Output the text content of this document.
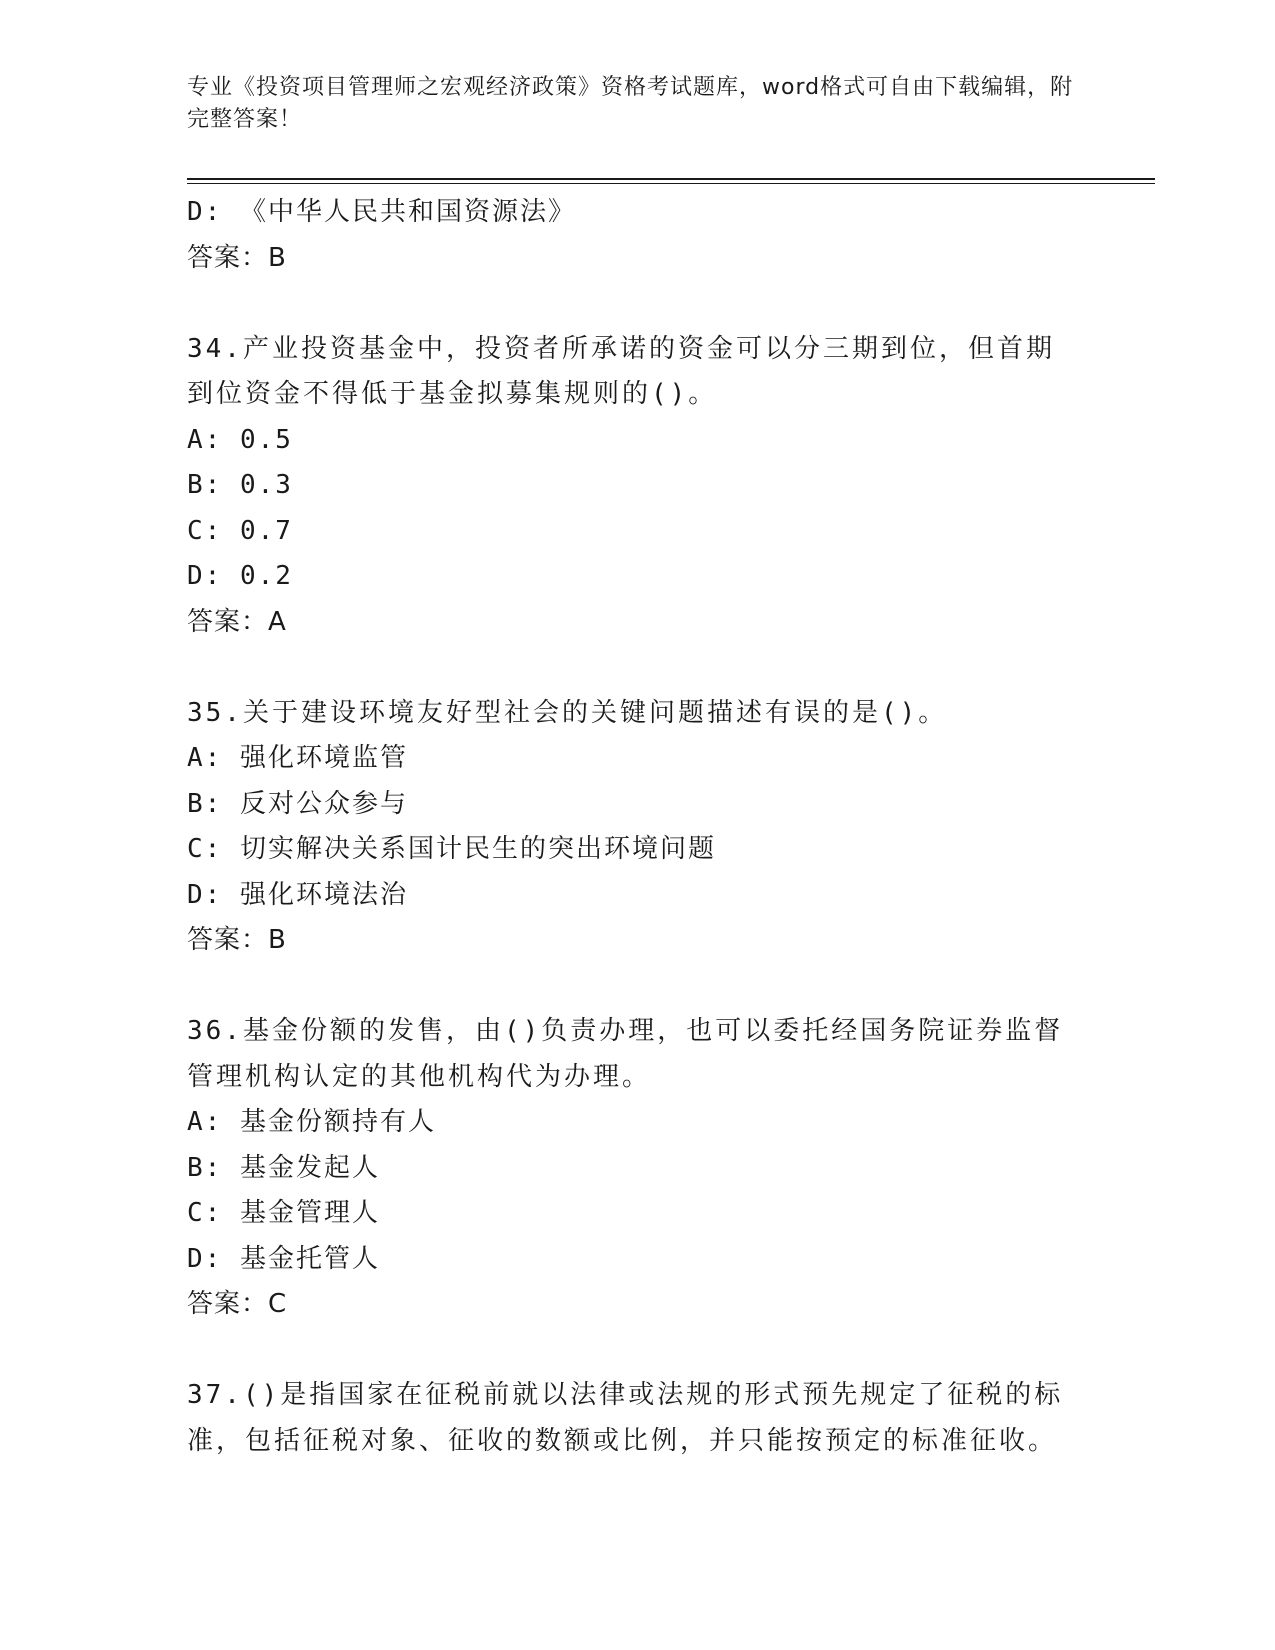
专业《投资项目管理师之宏观经济政策》资格考试题库，word格式可自由下载编辑，附完整答案！
D: 《中华人民共和国资源法》
答案：B
34.产业投资基金中，投资者所承诺的资金可以分三期到位，但首期到位资金不得低于基金拟募集规则的()。
A: 0.5
B: 0.3
C: 0.7
D: 0.2
答案：A
35.关于建设环境友好型社会的关键问题描述有误的是()。
A: 强化环境监管
B: 反对公众参与
C: 切实解决关系国计民生的突出环境问题
D: 强化环境法治
答案：B
36.基金份额的发售，由()负责办理，也可以委托经国务院证券监督管理机构认定的其他机构代为办理。
A: 基金份额持有人
B: 基金发起人
C: 基金管理人
D: 基金托管人
答案：C
37.()是指国家在征税前就以法律或法规的形式预先规定了征税的标准，包括征税对象、征收的数额或比例，并只能按预定的标准征收。
